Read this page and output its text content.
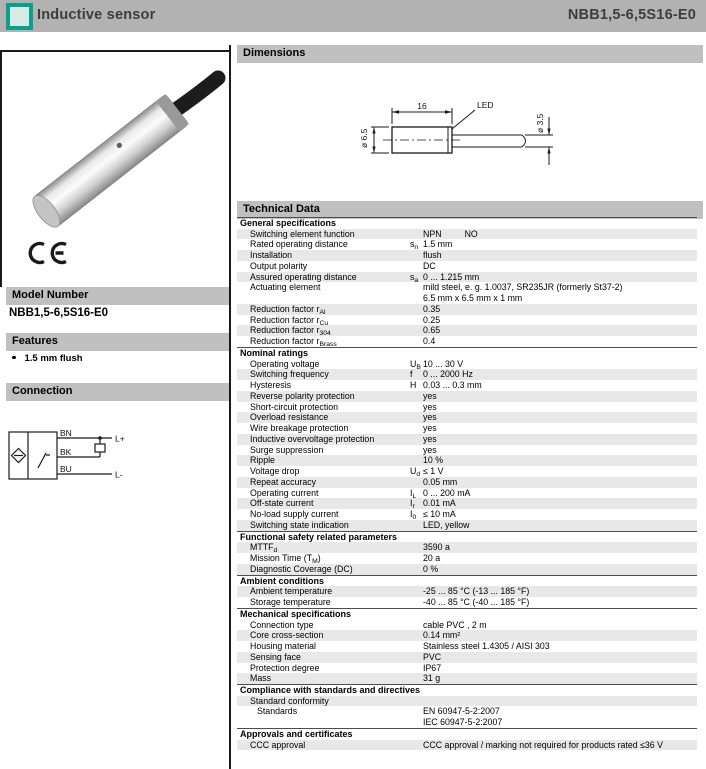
Inductive sensor	NBB1,5-6,5S16-E0
Model Number
NBB1,5-6,5S16-E0
Features
1.5 mm flush
Connection
BN
BK
BU
L+
L-
Dimensions
16	LED
ø 6.5
ø 3.5
Technical Data
General specifications
Switching element function	NPN	NO
Rated operating distance	$s_n$ 1.5 mm
Installation	flush
Output polarity	DC
Assured operating distance	$s_a$ 0 ... 1.215 mm
Actuating element	mild steel, e. g. 1.0037, SR235JR (formerly St37-2)
6.5 mm x 6.5 mm x 1 mm
Reduction factor $r_{Al}$	0.35
Reduction factor $r_{Cu}$	0.25
Reduction factor $r_{304}$	0.65
Reduction factor $r_{Brass}$	0.4
Nominal ratings
Operating voltage	$U_B$ 10 ... 30 V
Switching frequency	f	0 ... 2000 Hz
Hysteresis	H 0.03 ... 0.3 mm
Reverse polarity protection	yes
Short-circuit protection	yes
Overload resistance	yes
Wire breakage protection	yes
Inductive overvoltage protection	yes
Surge suppression	yes
Ripple	10 %
Voltage drop	$U_d \le 1$ V
Repeat accuracy	0.05 mm
Operating current	$I_L$ 0 ... 200 mA
Off-state current	$I_r$ 0.01 mA
No-load supply current	$I_0 \le 10$ mA
Switching state indication	LED, yellow
Functional safety related parameters
$MTTF_d$	3590 a
Mission Time $(T_M)$	20 a
Diagnostic Coverage (DC)	0 %
Ambient conditions
Ambient temperature	-25 ... 85 °C (-13 ... 185 °F)
Storage temperature	-40 ... 85 °C (-40 ... 185 °F)
Mechanical specifications
Connection type	cable PVC , 2 m
Core cross-section	0.14 mm²
Housing material	Stainless steel 1.4305 / AISI 303
Sensing face	PVC
Protection degree	IP67
Mass	31 g
Compliance with standards and directives
Standard conformity
Standards	EN 60947-5-2:2007
IEC 60947-5-2:2007
Approvals and certificates
CCC approval	CCC approval / marking not required for products rated ≤36 V
